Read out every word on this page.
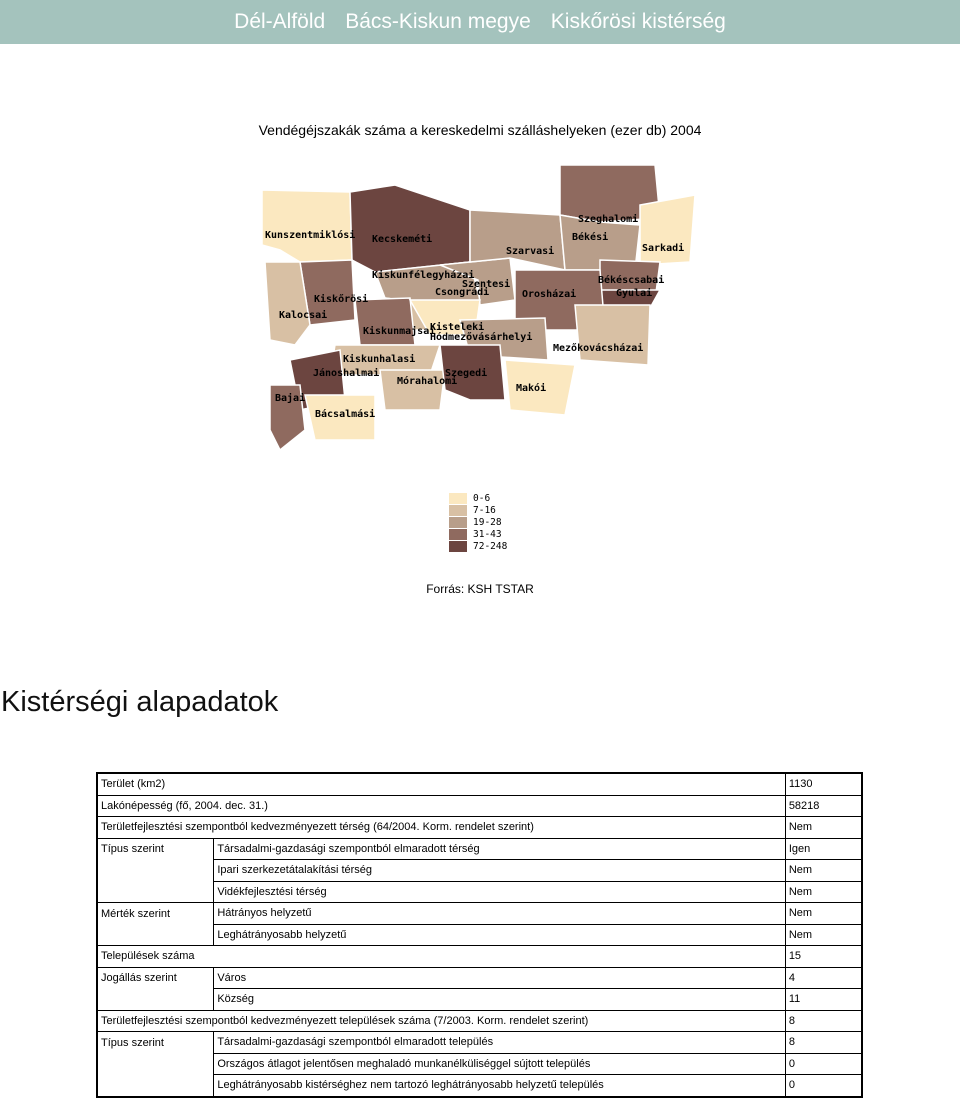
Dél-Alföld Bács-Kiskun megye Kiskőrösi kistérség
Vendégéjszakák száma a kereskedelmi szálláshelyeken (ezer db) 2004
Kunszentmiklósi Kecskeméti
Kiskunfélegyházai
Csongrádi
Szentesi
Szarvasi
Szeghalomi
Békési
Sarkadi
Békéscsabai
Gyulai
Orosházai
Mezőkovácsházai
Kiskőrösi
Kalocsai
Kiskunmajsai
Kisteleki
Hódmezővásárhelyi
Kiskunhalasi
Jánoshalmai
Mórahalomi
Szegedi
Makói
Bajai
Bácsalmási
0-6
7-16
19-28
31-43
72-248
Forrás: KSH TSTAR
Kistérségi alapadatok
Terület (km2)		1130
Lakónépesség (fő, 2004. dec. 31.)		58218
Területfejlesztési szempontból kedvezményezett térség (64/2004. Korm. rendelet szerint)		Nem
Típus szerint	Társadalmi-gazdasági szempontból elmaradott térség	Igen
	Ipari szerkezetátalakítási térség	Nem
	Vidékfejlesztési térség	Nem
Mérték szerint	Hátrányos helyzetű	Nem
	Leghátrányosabb helyzetű	Nem
Települések száma		15
Jogállás szerint	Város	4
	Község	11
Területfejlesztési szempontból kedvezményezett települések száma (7/2003. Korm. rendelet szerint)		8
Típus szerint	Társadalmi-gazdasági szempontból elmaradott település	8
	Országos átlagot jelentősen meghaladó munkanélküliséggel sújtott település	0
	Leghátrányosabb kistérséghez nem tartozó leghátrányosabb helyzetű település	0
